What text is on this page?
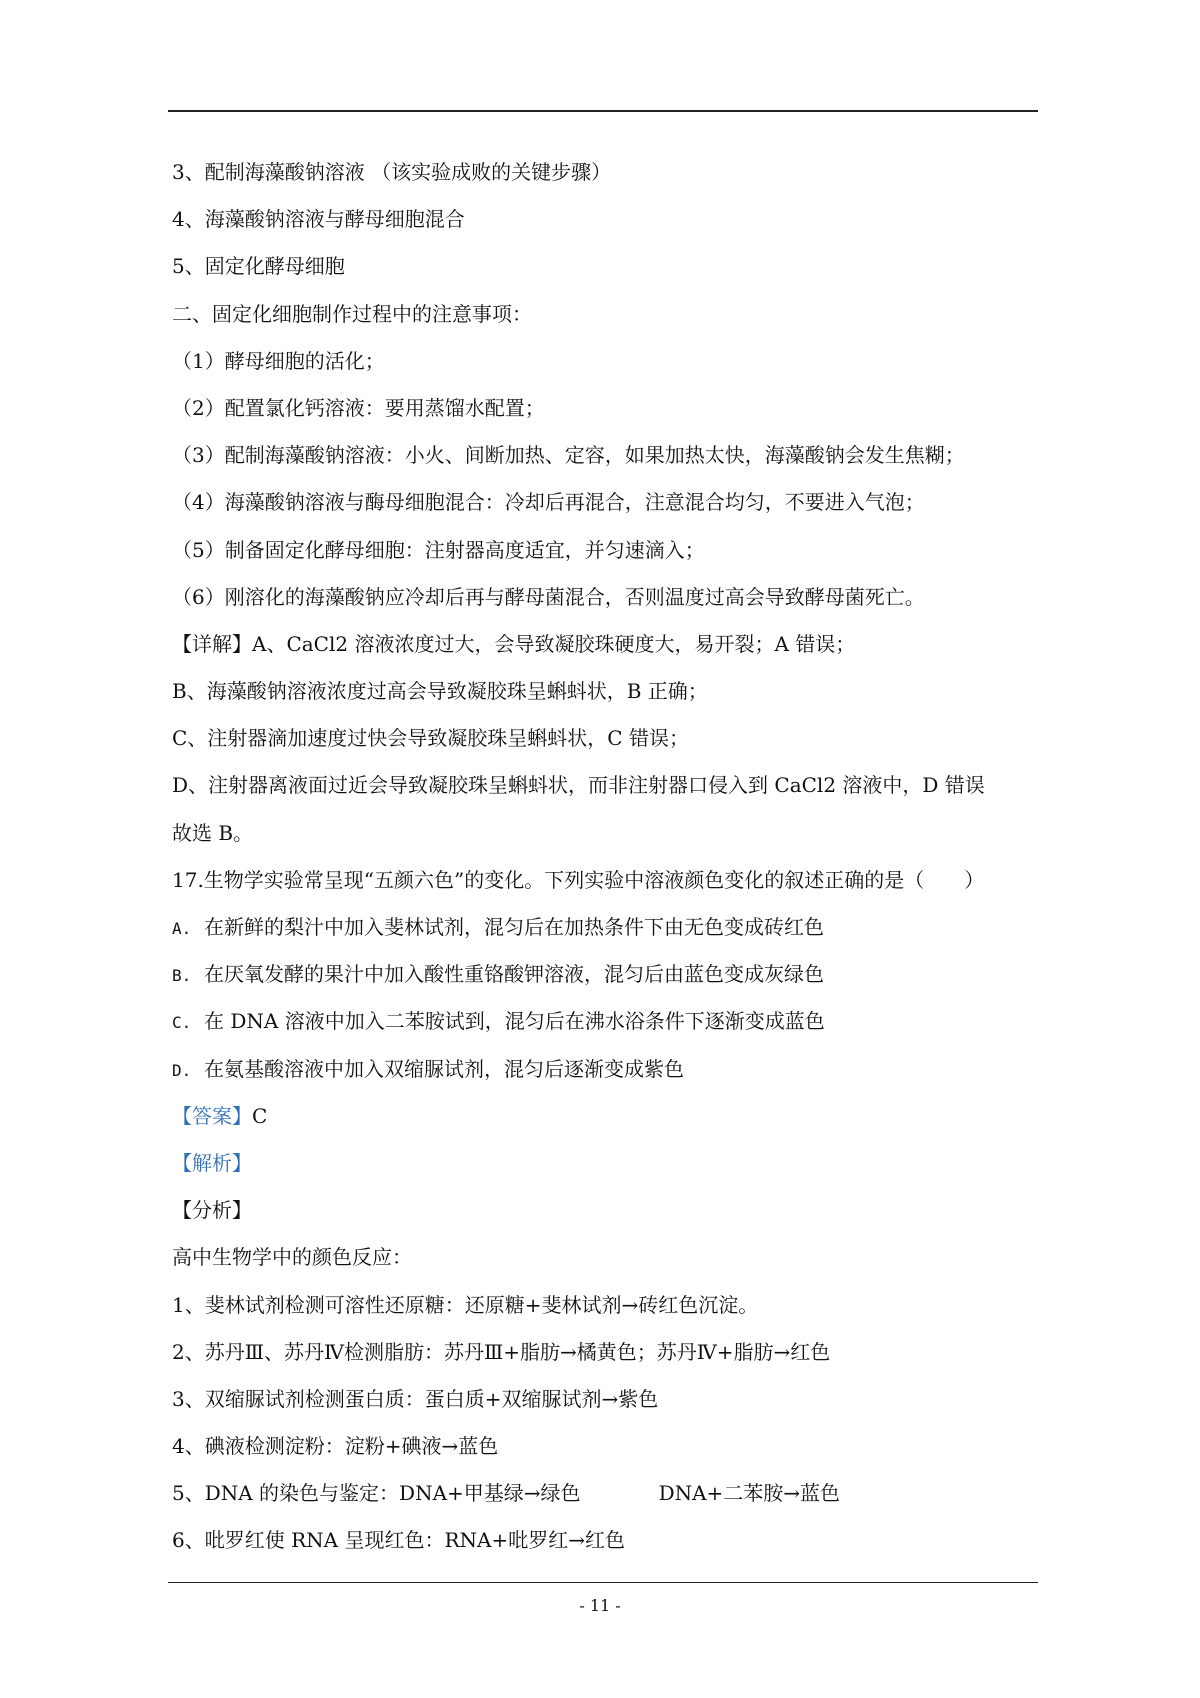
3、配制海藻酸钠溶液 （该实验成败的关键步骤）
4、海藻酸钠溶液与酵母细胞混合
5、固定化酵母细胞
二、固定化细胞制作过程中的注意事项：
（1）酵母细胞的活化；
（2）配置氯化钙溶液：要用蒸馏水配置；
（3）配制海藻酸钠溶液：小火、间断加热、定容，如果加热太快，海藻酸钠会发生焦糊；
（4）海藻酸钠溶液与酶母细胞混合：冷却后再混合，注意混合均匀，不要进入气泡；
（5）制备固定化酵母细胞：注射器高度适宜，并匀速滴入；
（6）刚溶化的海藻酸钠应冷却后再与酵母菌混合，否则温度过高会导致酵母菌死亡。
【详解】A、CaCl2 溶液浓度过大，会导致凝胶珠硬度大，易开裂；A 错误；
B、海藻酸钠溶液浓度过高会导致凝胶珠呈蝌蚪状，B 正确；
C、注射器滴加速度过快会导致凝胶珠呈蝌蚪状，C 错误；
D、注射器离液面过近会导致凝胶珠呈蝌蚪状，而非注射器口侵入到 CaCl2 溶液中，D 错误
故选 B。
17.生物学实验常呈现“五颜六色”的变化。下列实验中溶液颜色变化的叙述正确的是（　　）
A. 在新鲜的梨汁中加入斐林试剂，混匀后在加热条件下由无色变成砖红色
B. 在厌氧发酵的果汁中加入酸性重铬酸钾溶液，混匀后由蓝色变成灰绿色
C. 在 DNA 溶液中加入二苯胺试到，混匀后在沸水浴条件下逐渐变成蓝色
D. 在氨基酸溶液中加入双缩脲试剂，混匀后逐渐变成紫色
【答案】C
【解析】
【分析】
高中生物学中的颜色反应：
1、斐林试剂检测可溶性还原糖：还原糖+斐林试剂→砖红色沉淀。
2、苏丹Ⅲ、苏丹Ⅳ检测脂肪：苏丹Ⅲ+脂肪→橘黄色；苏丹Ⅳ+脂肪→红色
3、双缩脲试剂检测蛋白质：蛋白质+双缩脲试剂→紫色
4、碘液检测淀粉：淀粉+碘液→蓝色
5、DNA 的染色与鉴定：DNA+甲基绿→绿色	DNA+二苯胺→蓝色
6、吡罗红使 RNA 呈现红色：RNA+吡罗红→红色
- 11 -
